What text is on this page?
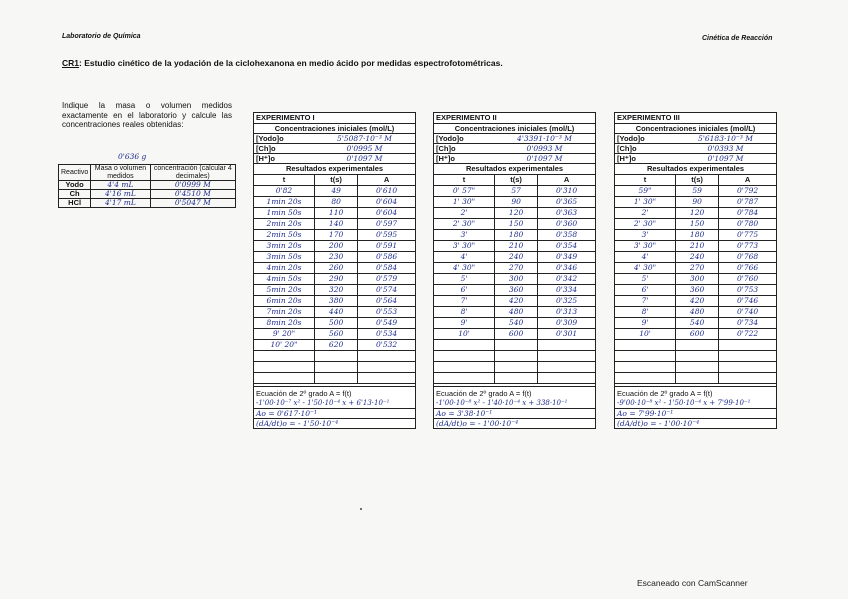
Laboratorio de Química	Cinética de Reacción
CR1: Estudio cinético de la yodación de la ciclohexanona en medio ácido por medidas espectrofotométricas.
Indique la masa o volumen medidos exactamente en el laboratorio y calcule las concentraciones reales obtenidas:
0'636 g
Reactivo	Masa o volumen medidos	concentración (calcular 4 decimales)
Yodo	4'4 mL	0'0999 M
Ch	4'16 mL	0'4510 M
HCl	4'17 mL	0'5047 M
EXPERIMENTO I
Concentraciones iniciales (mol/L)
[Yodo]o	5'5087·10⁻³ M
[Ch]o	0'0995 M
[H⁺]o	0'1097 M
Resultados experimentales
t	t(s)	A
0'82	49	0'610
1min 20s	80	0'604
1min 50s	110	0'604
2min 20s	140	0'597
2min 50s	170	0'595
3min 20s	200	0'591
3min 50s	230	0'586
4min 20s	260	0'584
4min 50s	290	0'579
5min 20s	320	0'574
6min 20s	380	0'564
7min 20s	440	0'553
8min 20s	500	0'549
9' 20"	560	0'534
10' 20"	620	0'532

Ecuación de 2º grado A = f(t)
-1'00·10⁻⁷ x² - 1'50·10⁻⁴ x + 6'13·10⁻¹
Ao = 0'617·10⁻¹
(dA/dt)o = - 1'50·10⁻⁴
EXPERIMENTO II
Concentraciones iniciales (mol/L)
[Yodo]o	4'3391·10⁻³ M
[Ch]o	0'0993 M
[H⁺]o	0'1097 M
Resultados experimentales
t	t(s)	A
0' 57"	57	0'310
1' 30"	90	0'365
2'	120	0'363
2' 30"	150	0'360
3'	180	0'358
3' 30"	210	0'354
4'	240	0'349
4' 30"	270	0'346
5'	300	0'342
6'	360	0'334
7'	420	0'325
8'	480	0'313
9'	540	0'309
10'	600	0'301

Ecuación de 2º grado A = f(t)
-1'00·10⁻⁸ x² - 1'40·10⁻⁴ x + 338·10⁻¹
Ao = 3'38·10⁻¹
(dA/dt)o = - 1'00·10⁻⁴
EXPERIMENTO III
Concentraciones iniciales (mol/L)
[Yodo]o	5'6183·10⁻³ M
[Ch]o	0'0393 M
[H⁺]o	0'1097 M
Resultados experimentales
t	t(s)	A
59"	59	0'792
1' 30"	90	0'787
2'	120	0'784
2' 30"	150	0'780
3'	180	0'775
3' 30"	210	0'773
4'	240	0'768
4' 30"	270	0'766
5'	300	0'760
6'	360	0'753
7'	420	0'746
8'	480	0'740
9'	540	0'734
10'	600	0'722

Ecuación de 2º grado A = f(t)
-9'00·10⁻⁸ x² - 1'50·10⁻⁴ x + 7'99·10⁻¹
Ao = 7'99·10⁻¹
(dA/dt)o = - 1'00·10⁻⁴
Escaneado con CamScanner
